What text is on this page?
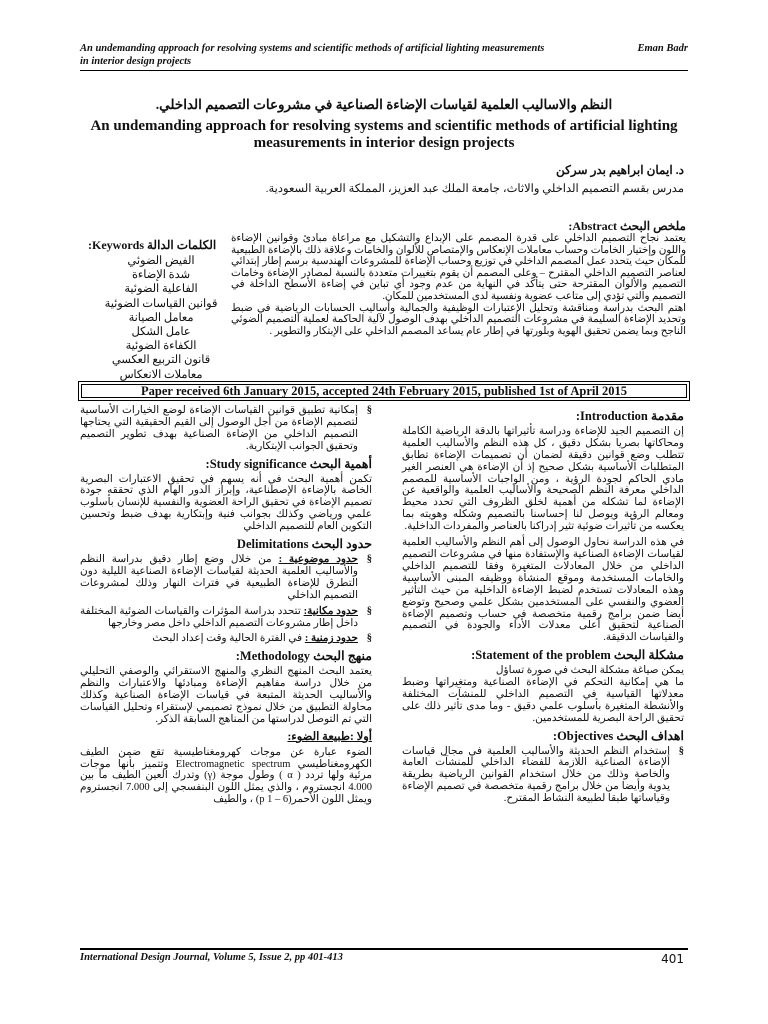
An undemanding approach for resolving systems and scientific methods of artificial lighting measurements in interior design projects
Eman Badr
النظم والاساليب العلمية لقياسات الإضاءة الصناعية في مشروعات التصميم الداخلي.
An undemanding approach for resolving systems and scientific methods of artificial lighting measurements in interior design projects
د. ايمان ابراهيم بدر سركن
مدرس بقسم التصميم الداخلي والاثاث، جامعة الملك عبد العزيز، المملكة العربية السعودية.
ملخص البحث Abstract:
يعتمد نجاح التصميم الداخلي على قدرة المصمم على الإبداع والتشكيل مع مراعاة مبادئ وقوانين الإضاءة واللون وإختيار الخامات وحساب معاملات الإنعكاس والإمتصاص للألوان والخامات وعلاقة ذلك بالإضاءة الطبيعية للمكان حيث يتحدد عمل المصمم الداخلي في توزيع وحساب الإضاءة للمشروعات الهندسية برسم إطار إبتدائي لعناصر التصميم الداخلي المقترح – وعلى المصمم أن يقوم بتغييرات متعددة بالنسبة لمصادر الإضاءة وخامات التصميم والألوان المقترحة حتى يتأكد في النهاية من عدم وجود أي تباين في إضاءة الأسطح الداخلة في التصميم والتي تؤدي إلى متاعب عضوية ونفسية لدى المستخدمين للمكان.
اهتم البحث بدراسة ومناقشة وتحليل الإعتبارات الوظيفية والجمالية وأساليب الحسابات الرياضية في ضبط وتحديد الإضاءة السليمة في مشروعات التصميم الداخلي بهدف الوصول لآلية الحاكمة لعملية التصميم الضوئي الناجح وبما يضمن تحقيق الهوية وبلورتها في إطار عام يساعد المصمم الداخلي على الإبتكار والتطوير .
الكلمات الدالة Keywords:
الفيض الضوئي
شدة الإضاءة
الفاعلية الضوئية
قوانين القياسات الضوئية
معامل الصيانة
عامل الشكل
الكفاءة الضوئية
قانون التربيع العكسي
معاملات الانعكاس
Paper received 6th January 2015, accepted 24th February 2015, published 1st of April 2015
مقدمة Introduction:

إن التصميم الجيد للإضاءة ودراسة تأثيراتها بالدقة الرياضية الكاملة ومحاكاتها بصريا بشكل دقيق ، كل هذه النظم والأساليب العلمية تتطلب وضع قوانين دقيقة لضمان أن تصميمات الإضاءة تطابق المتطلبات الأساسية بشكل صحيح إذ أن الإضاءة هي العنصر الغير مادي الحاكم لجودة الرؤية ، ومن الواجبات الأساسية للمصمم الداخلي معرفة النظم الصحيحة والأساليب العلمية والواقعية عن الإضاءة لما تشكله من أهمية لخلق الظروف التي تحدد محيط ومعالم الرؤية ويوصل لنا إحساسنا بالتصميم وشكله وهويته بما يعكسه من تأثيرات ضوئية تثير إدراكنا بالعناصر والمفردات الداخلية.

في هذه الدراسة نحاول الوصول إلى أهم النظم والأساليب العلمية لقياسات الإضاءة الصناعية والإستفادة منها في مشروعات التصميم الداخلي من خلال المعادلات المتغيرة وفقا للتصميم الداخلي والخامات المستخدمة وموقع المنشأة ووظيفه المبنى الأساسية وهذه المعادلات تستخدم لضبط الإضاءة الداخلية من حيث التأثير العضوي والنفسي على المستخدمين بشكل علمي وصحيح وتوضع أيضا ضمن برامج رقمية متخصصة في حساب وتصميم الإضاءة الصناعية لتحقيق أعلى معدلات الأداء والجودة في التصميم والقياسات الدقيقة.

مشكلة البحث Statement of the problem:

يمكن صياغة مشكلة البحث في صورة تساؤل

ما هي إمكانية التحكم في الإضاءة الصناعية ومتغيراتها وضبط معدلاتها القياسية في التصميم الداخلي للمنشآت المختلفة والأنشطة المتغيرة بأسلوب علمي دقيق - وما مدى تأثير ذلك على تحقيق الراحة البصرية للمستخدمين.

اهداف البحث Objectives:

§
إستخدام النظم الحديثة والأساليب العلمية في مجال قياسات الإضاءة الصناعية اللازمة للفضاء الداخلي للمنشآت العامة والخاصة وذلك من خلال استخدام القوانين الرياضية بطريقة يدوية وأيضا من خلال برامج رقمية متخصصة في تصميم الإضاءة وقياساتها طبقا لطبيعة النشاط المقترح.

§
إمكانية تطبيق قوانين القياسات الإضاءة لوضع الخيارات الأساسية لتصميم الإضاءة من أجل الوصول إلى القيم الحقيقية التي يحتاجها التصميم الداخلي من الإضاءة الصناعية بهدف تطوير التصميم وتحقيق الجوانب الإبتكارية.

أهمية البحث Study significance:

تكمن أهمية البحث في أنه يسهم في تحقيق الاعتبارات البصرية الخاصة بالإضاءة الإصطناعية، وإبراز الدور الهام الذي تحققه جودة تصميم الإضاءة في تحقيق الراحة العضوية والنفسية للإنسان بأسلوب علمي ورياضي وكذلك بجوانب فنية وإبتكارية بهدف ضبط وتحسين التكوين العام للتصميم الداخلي

حدود البحث Delimitations

§
حدود موضوعية : من خلال وضع إطار دقيق بدراسة النظم والأساليب العلمية الحديثة لقياسات الإضاءة الصناعية الليلية دون التطرق للإضاءة الطبيعية في فترات النهار وذلك لمشروعات التصميم الداخلي

§
حدود مكانية: تتحدد بدراسة المؤثرات والقياسات الضوئية المختلفة داخل إطار مشروعات التصميم الداخلي داخل مصر وخارجها

§
حدود زمنية : في الفترة الحالية وقت إعداد البحث

منهج البحث Methodology:

يعتمد البحث المنهج النظري والمنهج الاستقرائي والوصفي التحليلي من خلال دراسة مفاهيم الإضاءة ومبادئها والاعتبارات والنظم والأساليب الحديثة المتبعة في قياسات الإضاءة الصناعية وكذلك محاولة التطبيق من خلال نموذج تصميمي لإستقراء وتحليل القياسات التي تم التوصل لدراستها من المناهج السابقة الذكر.

أولا :طبيعة الضوء:

الضوء عبارة عن موجات كهرومغناطيسية تقع ضمن الطيف الكهرومغناطيسي Electromagnetic spectrum وتتميز بأنها موجات مرئية ولها تردد ( α ) وطول موجة (γ) وتدرك العين الطيف ما بين 4.000 انجستروم ، والذي يمثل اللون البنفسجي إلى 7.000 انجستروم ويمثل اللون الأحمر(6 – p 1) ، والطيف

International Design Journal, Volume 5, Issue 2, pp 401-413	401
